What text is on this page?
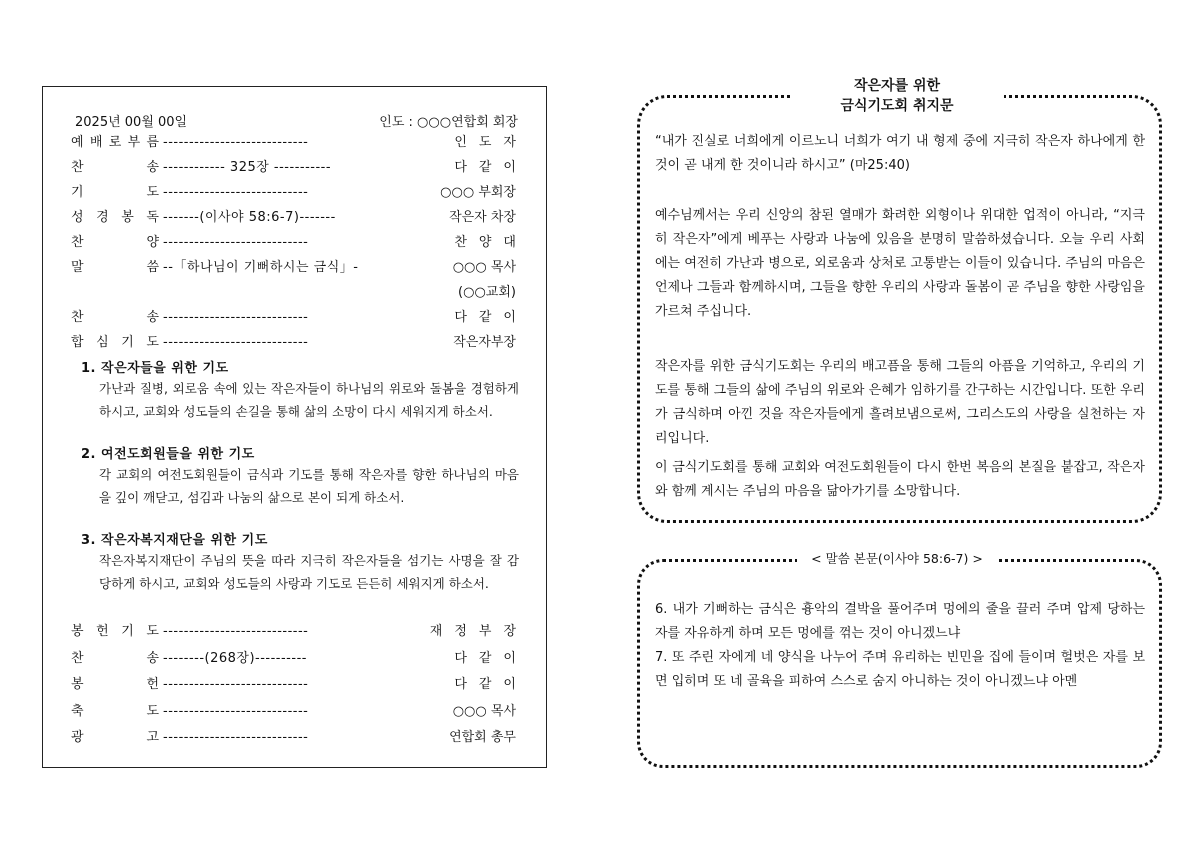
2025년 00월 00일	인도 : ○○○연합회 회장
예 배 로 부 름 ----------------------------	인도자
찬	송 ------------ 325장 -----------	다같이
기	도 ----------------------------	○○○ 부회장
성 경 봉 독 -------(이사야 58:6-7)-------	작은자 차장
찬	양 ----------------------------	찬양대
말	씀 --「하나님이 기뻐하시는 금식」-	○○○ 목사
(○○교회)
찬	송 ----------------------------	다같이
합 심 기 도 ----------------------------	작은자부장
1. 작은자들을 위한 기도
가난과 질병, 외로움 속에 있는 작은자들이 하나님의 위로와 돌봄을 경험하게 하시고, 교회와 성도들의 손길을 통해 삶의 소망이 다시 세워지게 하소서.
2. 여전도회원들을 위한 기도
각 교회의 여전도회원들이 금식과 기도를 통해 작은자를 향한 하나님의 마음을 깊이 깨닫고, 섬김과 나눔의 삶으로 본이 되게 하소서.
3. 작은자복지재단을 위한 기도
작은자복지재단이 주님의 뜻을 따라 지극히 작은자들을 섬기는 사명을 잘 감당하게 하시고, 교회와 성도들의 사랑과 기도로 든든히 세워지게 하소서.
봉 헌 기 도 ----------------------------	재정부장
찬	송 --------(268장)----------	다같이
봉	헌 ----------------------------	다같이
축	도 ----------------------------	○○○ 목사
광	고 ----------------------------	연합회 총무
작은자를 위한
금식기도회 취지문
“내가 진실로 너희에게 이르노니 너희가 여기 내 형제 중에 지극히 작은자 하나에게 한 것이 곧 내게 한 것이니라 하시고” (마25:40)
예수님께서는 우리 신앙의 참된 열매가 화려한 외형이나 위대한 업적이 아니라, “지극히 작은자”에게 베푸는 사랑과 나눔에 있음을 분명히 말씀하셨습니다. 오늘 우리 사회에는 여전히 가난과 병으로, 외로움과 상처로 고통받는 이들이 있습니다. 주님의 마음은 언제나 그들과 함께하시며, 그들을 향한 우리의 사랑과 돌봄이 곧 주님을 향한 사랑임을 가르쳐 주십니다.
작은자를 위한 금식기도회는 우리의 배고픔을 통해 그들의 아픔을 기억하고, 우리의 기도를 통해 그들의 삶에 주님의 위로와 은혜가 임하기를 간구하는 시간입니다. 또한 우리가 금식하며 아낀 것을 작은자들에게 흘려보냄으로써, 그리스도의 사랑을 실천하는 자리입니다.
이 금식기도회를 통해 교회와 여전도회원들이 다시 한번 복음의 본질을 붙잡고, 작은자와 함께 계시는 주님의 마음을 닮아가기를 소망합니다.
< 말씀 본문(이사야 58:6-7) >
6. 내가 기뻐하는 금식은 흉악의 결박을 풀어주며 멍에의 줄을 끌러 주며 압제 당하는 자를 자유하게 하며 모든 멍에를 꺾는 것이 아니겠느냐
7. 또 주린 자에게 네 양식을 나누어 주며 유리하는 빈민을 집에 들이며 헐벗은 자를 보면 입히며 또 네 골육을 피하여 스스로 숨지 아니하는 것이 아니겠느냐 아멘
